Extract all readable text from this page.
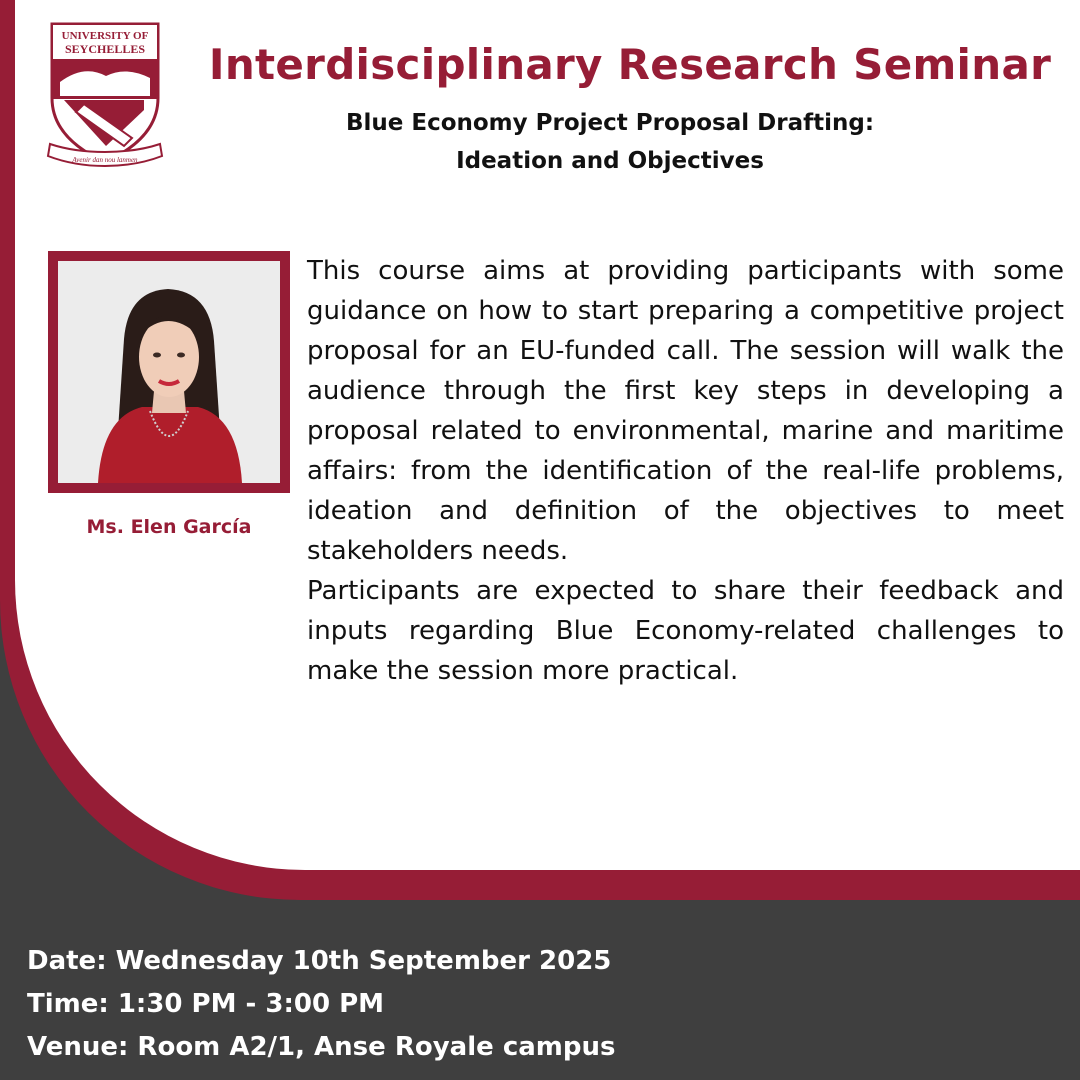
UNIVERSITY OF
SEYCHELLES
Avenir dan nou lanmen
Interdisciplinary Research Seminar
Blue Economy Project Proposal Drafting:
Ideation and Objectives
Ms. Elen García

This course aims at providing participants with some guidance on how to start preparing a competitive project proposal for an EU-funded call. The session will walk the audience through the first key steps in developing a proposal related to environmental, marine and maritime affairs: from the identification of the real-life problems, ideation and definition of the objectives to meet stakeholders needs.

Participants are expected to share their feedback and inputs regarding Blue Economy-related challenges to make the session more practical.

Date: Wednesday 10th September 2025
Time: 1:30 PM - 3:00 PM
Venue: Room A2/1, Anse Royale campus
